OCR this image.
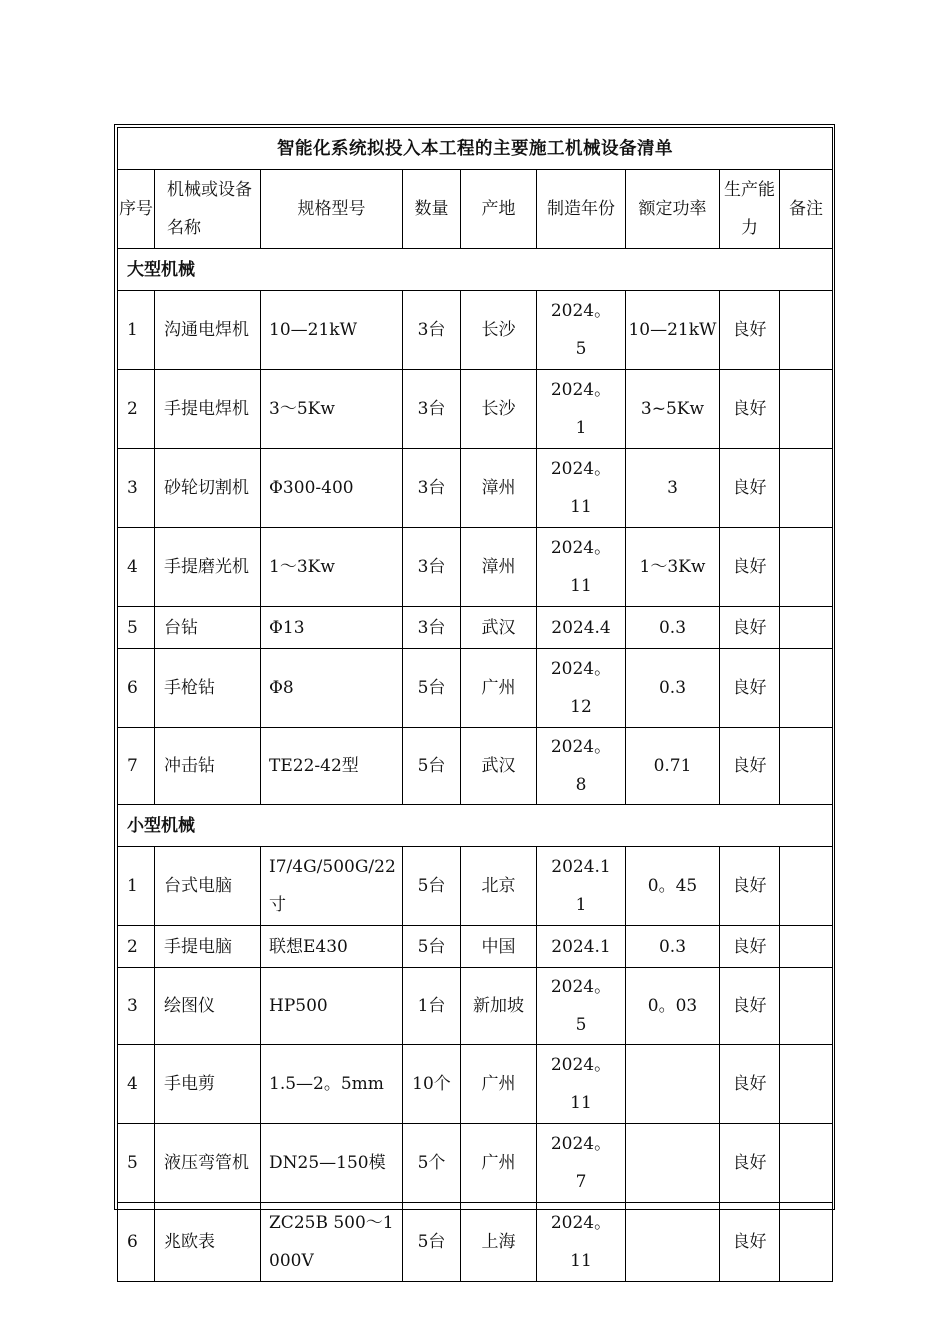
智能化系统拟投入本工程的主要施工机械设备清单								
序号	机械或设备名称	规格型号	数量	产地	制造年份	额定功率	生产能力	备注
大型机械								
1	沟通电焊机	10—21kW	3台	长沙	2024。5	10—21kW	良好	
2	手提电焊机	3～5Kw	3台	长沙	2024。1	3~5Kw	良好	
3	砂轮切割机	Φ300-400	3台	漳州	2024。11	3	良好	
4	手提磨光机	1～3Kw	3台	漳州	2024。11	1～3Kw	良好	
5	台钻	Φ13	3台	武汉	2024.4	0.3	良好	
6	手枪钻	Φ8	5台	广州	2024。12	0.3	良好	
7	冲击钻	TE22-42型	5台	武汉	2024。8	0.71	良好	
小型机械								
1	台式电脑	I7/4G/500G/22寸	5台	北京	2024.11	0。45	良好	
2	手提电脑	联想E430	5台	中国	2024.1	0.3	良好	
3	绘图仪	HP500	1台	新加坡	2024。5	0。03	良好	
4	手电剪	1.5—2。5mm	10个	广州	2024。11		良好	
5	液压弯管机	DN25—150模	5个	广州	2024。7		良好	
6	兆欧表	ZC25B 500～1000V	5台	上海	2024。11		良好	
